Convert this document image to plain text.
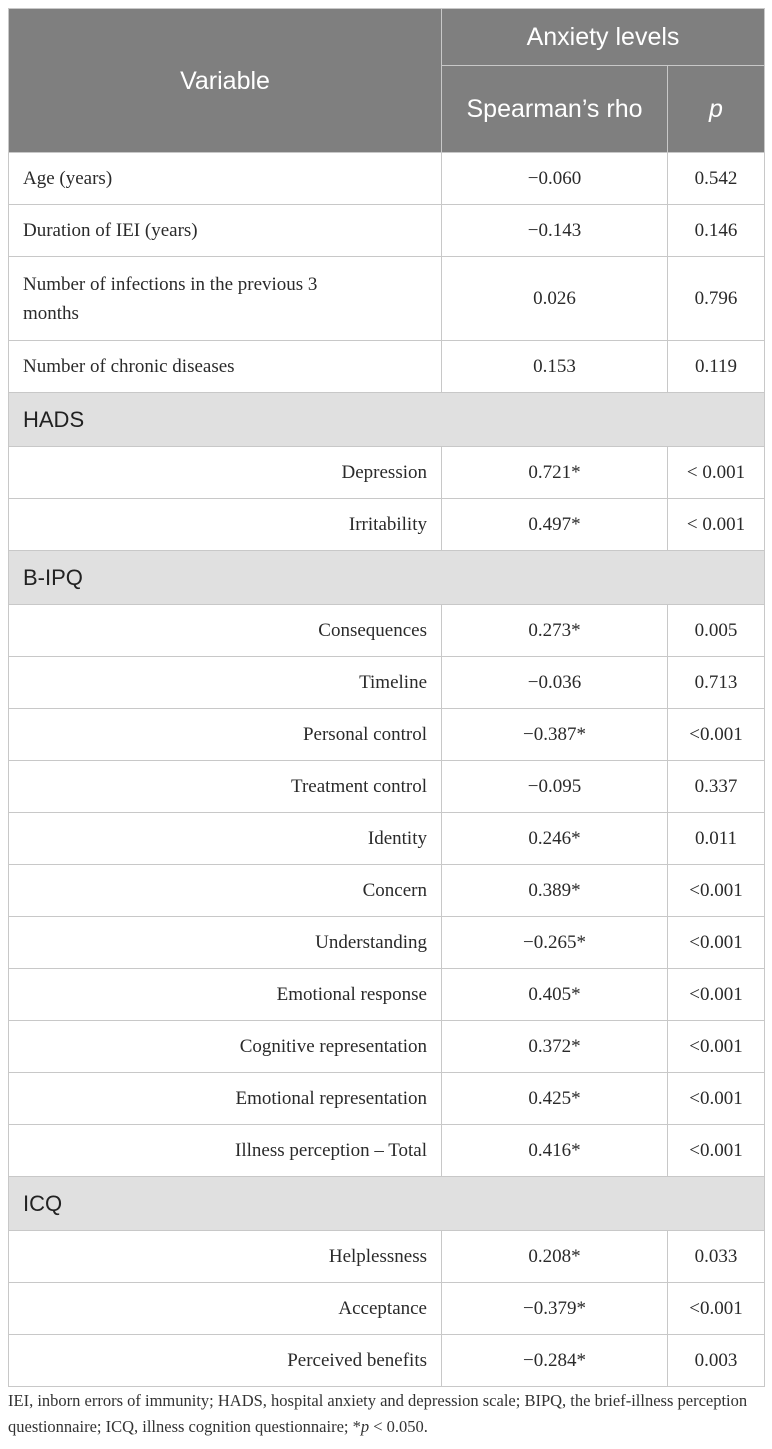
Variable	Anxiety levels	
	Spearman’s rho	p
Age (years)	−0.060	0.542
Duration of IEI (years)	−0.143	0.146
Number of infections in the previous 3 months	0.026	0.796
Number of chronic diseases	0.153	0.119
HADS		
Depression	0.721*	< 0.001
Irritability	0.497*	< 0.001
B-IPQ		
Consequences	0.273*	0.005
Timeline	−0.036	0.713
Personal control	−0.387*	<0.001
Treatment control	−0.095	0.337
Identity	0.246*	0.011
Concern	0.389*	<0.001
Understanding	−0.265*	<0.001
Emotional response	0.405*	<0.001
Cognitive representation	0.372*	<0.001
Emotional representation	0.425*	<0.001
Illness perception – Total	0.416*	<0.001
ICQ		
Helplessness	0.208*	0.033
Acceptance	−0.379*	<0.001
Perceived benefits	−0.284*	0.003
IEI, inborn errors of immunity; HADS, hospital anxiety and depression scale; BIPQ, the brief-illness perception questionnaire; ICQ, illness cognition questionnaire; *p < 0.050.
